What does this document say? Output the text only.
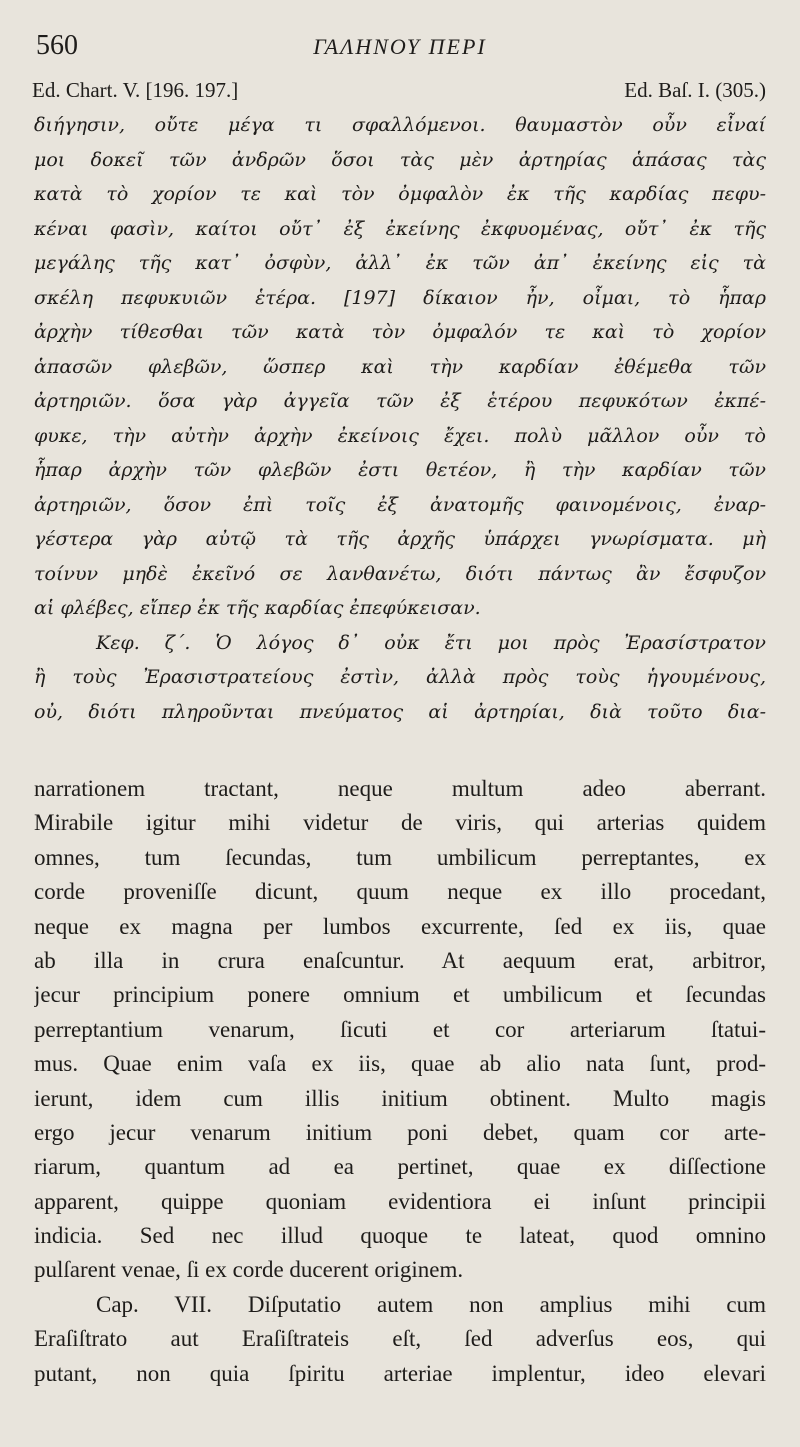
560	ΓΑΛΗΝΟΥ ΠΕΡΙ
Ed. Chart. V. [196. 197.]	Ed. Baſ. I. (305.)
διήγησιν, οὔτε μέγα τι σφαλλόμενοι. θαυμαστὸν οὖν εἶναί
μοι δοκεῖ τῶν ἀνδρῶν ὅσοι τὰς μὲν ἀρτηρίας ἁπάσας τὰς
κατὰ τὸ χορίον τε καὶ τὸν ὀμφαλὸν ἐκ τῆς καρδίας πεφυ-
κέναι φασὶν, καίτοι οὔτ᾽ ἐξ ἐκείνης ἐκφυομένας, οὔτ᾽ ἐκ τῆς
μεγάλης τῆς κατ᾽ ὀσφὺν, ἀλλ᾽ ἐκ τῶν ἀπ᾽ ἐκείνης εἰς τὰ
σκέλη πεφυκυιῶν ἑτέρα. [197] δίκαιον ἦν, οἶμαι, τὸ ἧπαρ
ἀρχὴν τίθεσθαι τῶν κατὰ τὸν ὀμφαλόν τε καὶ τὸ χορίον
ἁπασῶν φλεβῶν, ὥσπερ καὶ τὴν καρδίαν ἐθέμεθα τῶν
ἀρτηριῶν. ὅσα γὰρ ἀγγεῖα τῶν ἐξ ἑτέρου πεφυκότων ἐκπέ-
φυκε, τὴν αὐτὴν ἀρχὴν ἐκείνοις ἔχει. πολὺ μᾶλλον οὖν τὸ
ἧπαρ ἀρχὴν τῶν φλεβῶν ἐστι θετέον, ἢ τὴν καρδίαν τῶν
ἀρτηριῶν, ὅσον ἐπὶ τοῖς ἐξ ἀνατομῆς φαινομένοις, ἐναρ-
γέστερα γὰρ αὐτῷ τὰ τῆς ἀρχῆς ὑπάρχει γνωρίσματα. μὴ
τοίνυν μηδὲ ἐκεῖνό σε λανθανέτω, διότι πάντως ἂν ἔσφυζον
αἱ φλέβες, εἴπερ ἐκ τῆς καρδίας ἐπεφύκεισαν.
Κεφ. ζ΄. Ὁ λόγος δ᾽ οὐκ ἔτι μοι πρὸς Ἐρασίστρατον
ἢ τοὺς Ἐρασιστρατείους ἐστὶν, ἀλλὰ πρὸς τοὺς ἡγουμένους,
οὐ, διότι πληροῦνται πνεύματος αἱ ἀρτηρίαι, διὰ τοῦτο δια-
narrationem tractant, neque multum adeo aberrant.
Mirabile igitur mihi videtur de viris, qui arterias quidem
omnes, tum ſecundas, tum umbilicum perreptantes, ex
corde proveniſſe dicunt, quum neque ex illo procedant,
neque ex magna per lumbos excurrente, ſed ex iis, quae
ab illa in crura enaſcuntur. At aequum erat, arbitror,
jecur principium ponere omnium et umbilicum et ſecundas
perreptantium venarum, ſicuti et cor arteriarum ſtatui-
mus. Quae enim vaſa ex iis, quae ab alio nata ſunt, prod-
ierunt, idem cum illis initium obtinent. Multo magis
ergo jecur venarum initium poni debet, quam cor arte-
riarum, quantum ad ea pertinet, quae ex diſſectione
apparent, quippe quoniam evidentiora ei inſunt principii
indicia. Sed nec illud quoque te lateat, quod omnino
pulſarent venae, ſi ex corde ducerent originem.
Cap. VII. Diſputatio autem non amplius mihi cum
Eraſiſtrato aut Eraſiſtrateis eſt, ſed adverſus eos, qui
putant, non quia ſpiritu arteriae implentur, ideo elevari
